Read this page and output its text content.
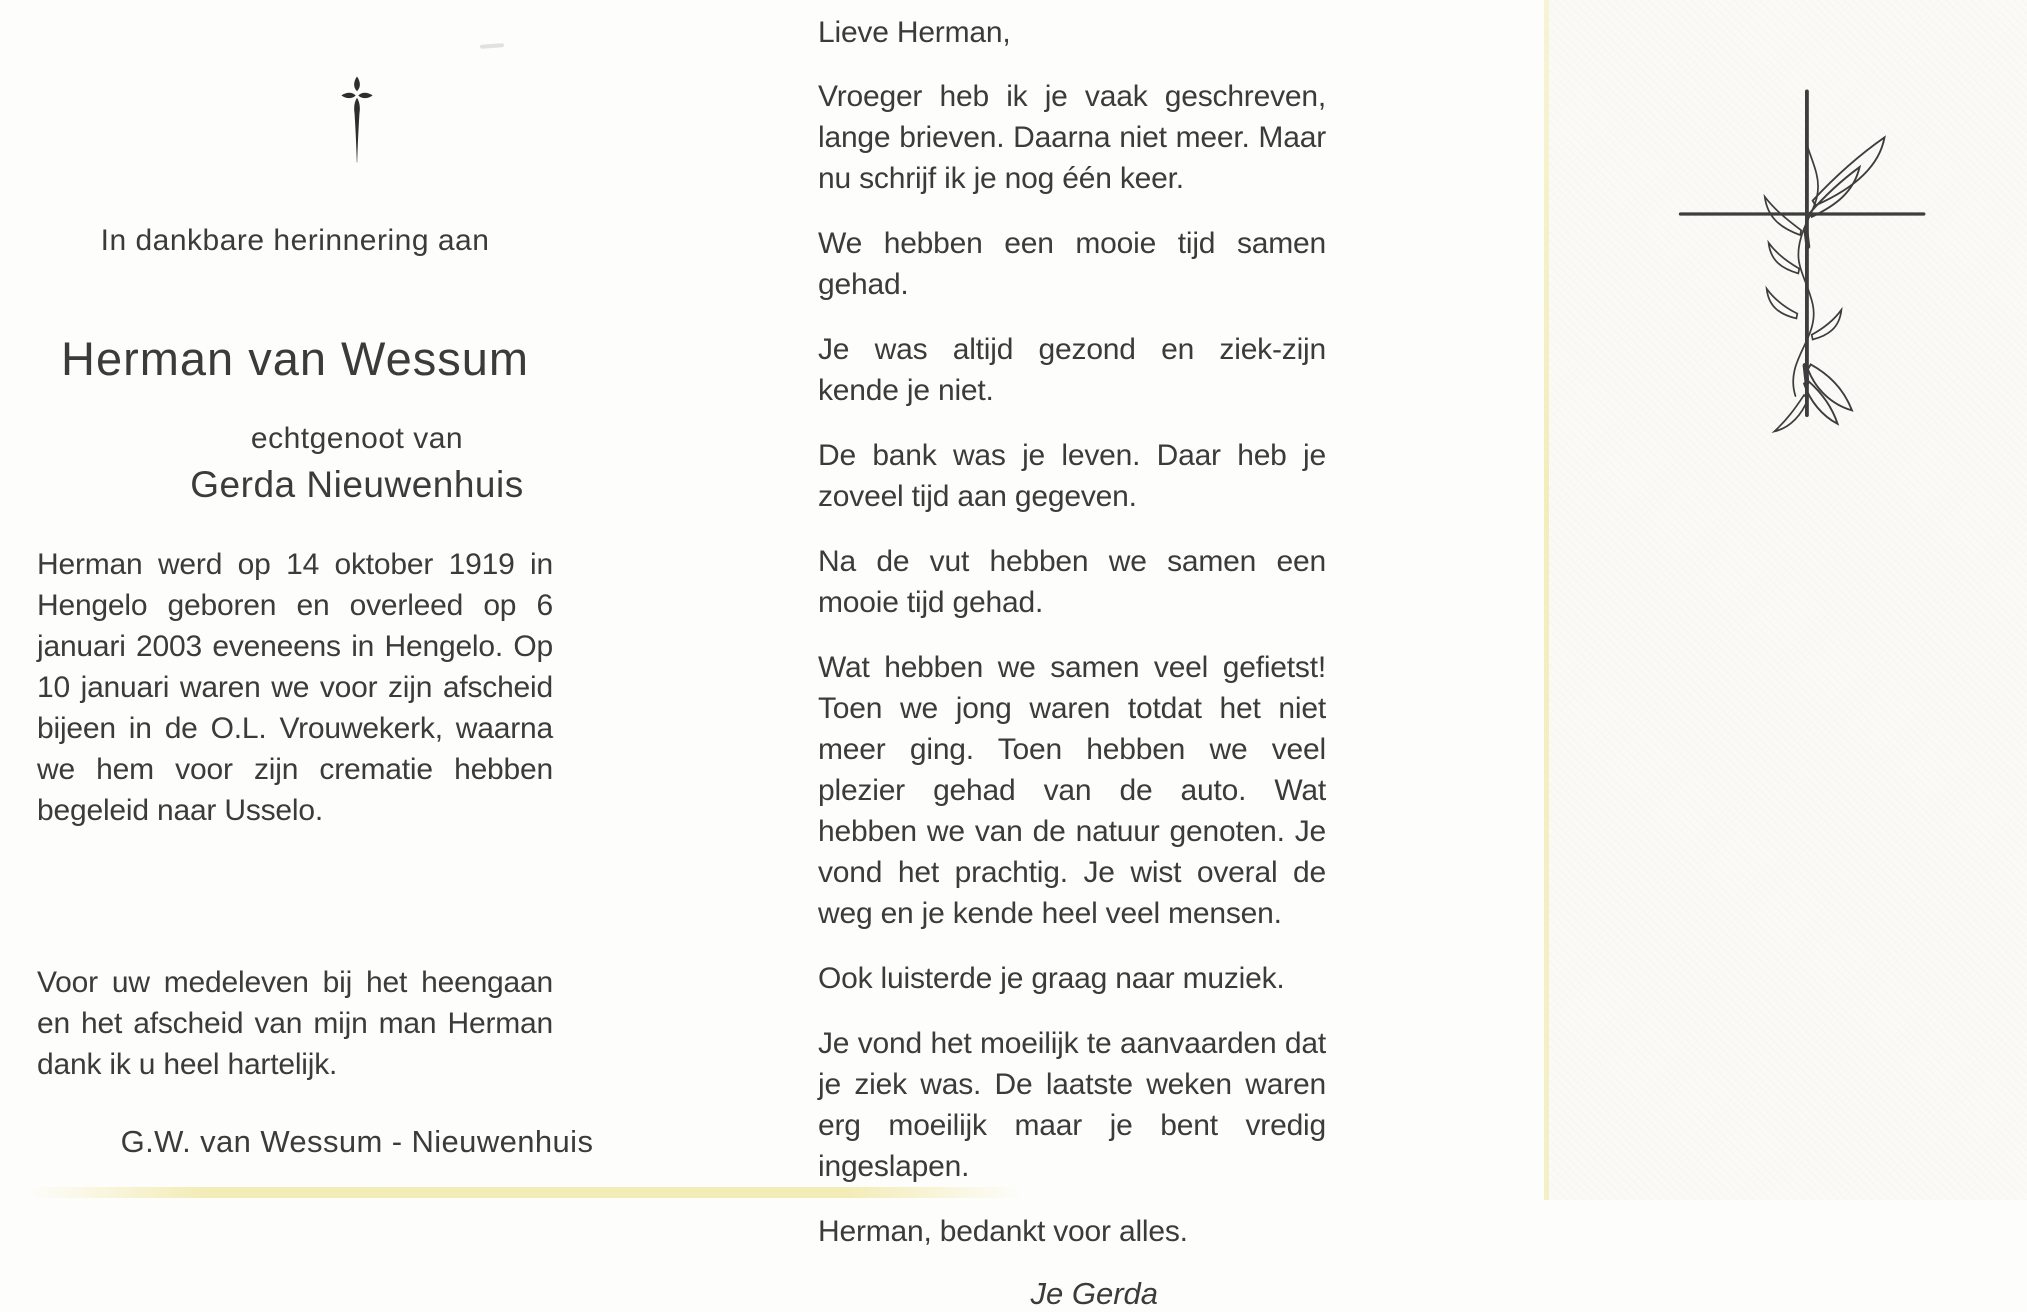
In dankbare herinnering aan
Herman van Wessum
echtgenoot van
Gerda Nieuwenhuis

Herman werd op 14 oktober 1919 in Hengelo geboren en overleed op 6 januari 2003 eveneens in Hengelo. Op 10 januari waren we voor zijn afscheid bijeen in de O.L. Vrouwekerk, waarna we hem voor zijn crematie hebben begeleid naar Usselo.

Voor uw medeleven bij het heengaan en het afscheid van mijn man Herman dank ik u heel hartelijk.

G.W. van Wessum - Nieuwenhuis
Lieve Herman,

Vroeger heb ik je vaak geschreven, lange brieven. Daarna niet meer. Maar nu schrijf ik je nog één keer.

We hebben een mooie tijd samen gehad.

Je was altijd gezond en ziek-zijn kende je niet.

De bank was je leven. Daar heb je zoveel tijd aan gegeven.

Na de vut hebben we samen een mooie tijd gehad.

Wat hebben we samen veel gefietst! Toen we jong waren totdat het niet meer ging. Toen hebben we veel plezier gehad van de auto. Wat hebben we van de natuur genoten. Je vond het prachtig. Je wist overal de weg en je kende heel veel mensen.

Ook luisterde je graag naar muziek.

Je vond het moeilijk te aanvaarden dat je ziek was. De laatste weken waren erg moeilijk maar je bent vredig ingeslapen.

Herman, bedankt voor alles.

Je Gerda
